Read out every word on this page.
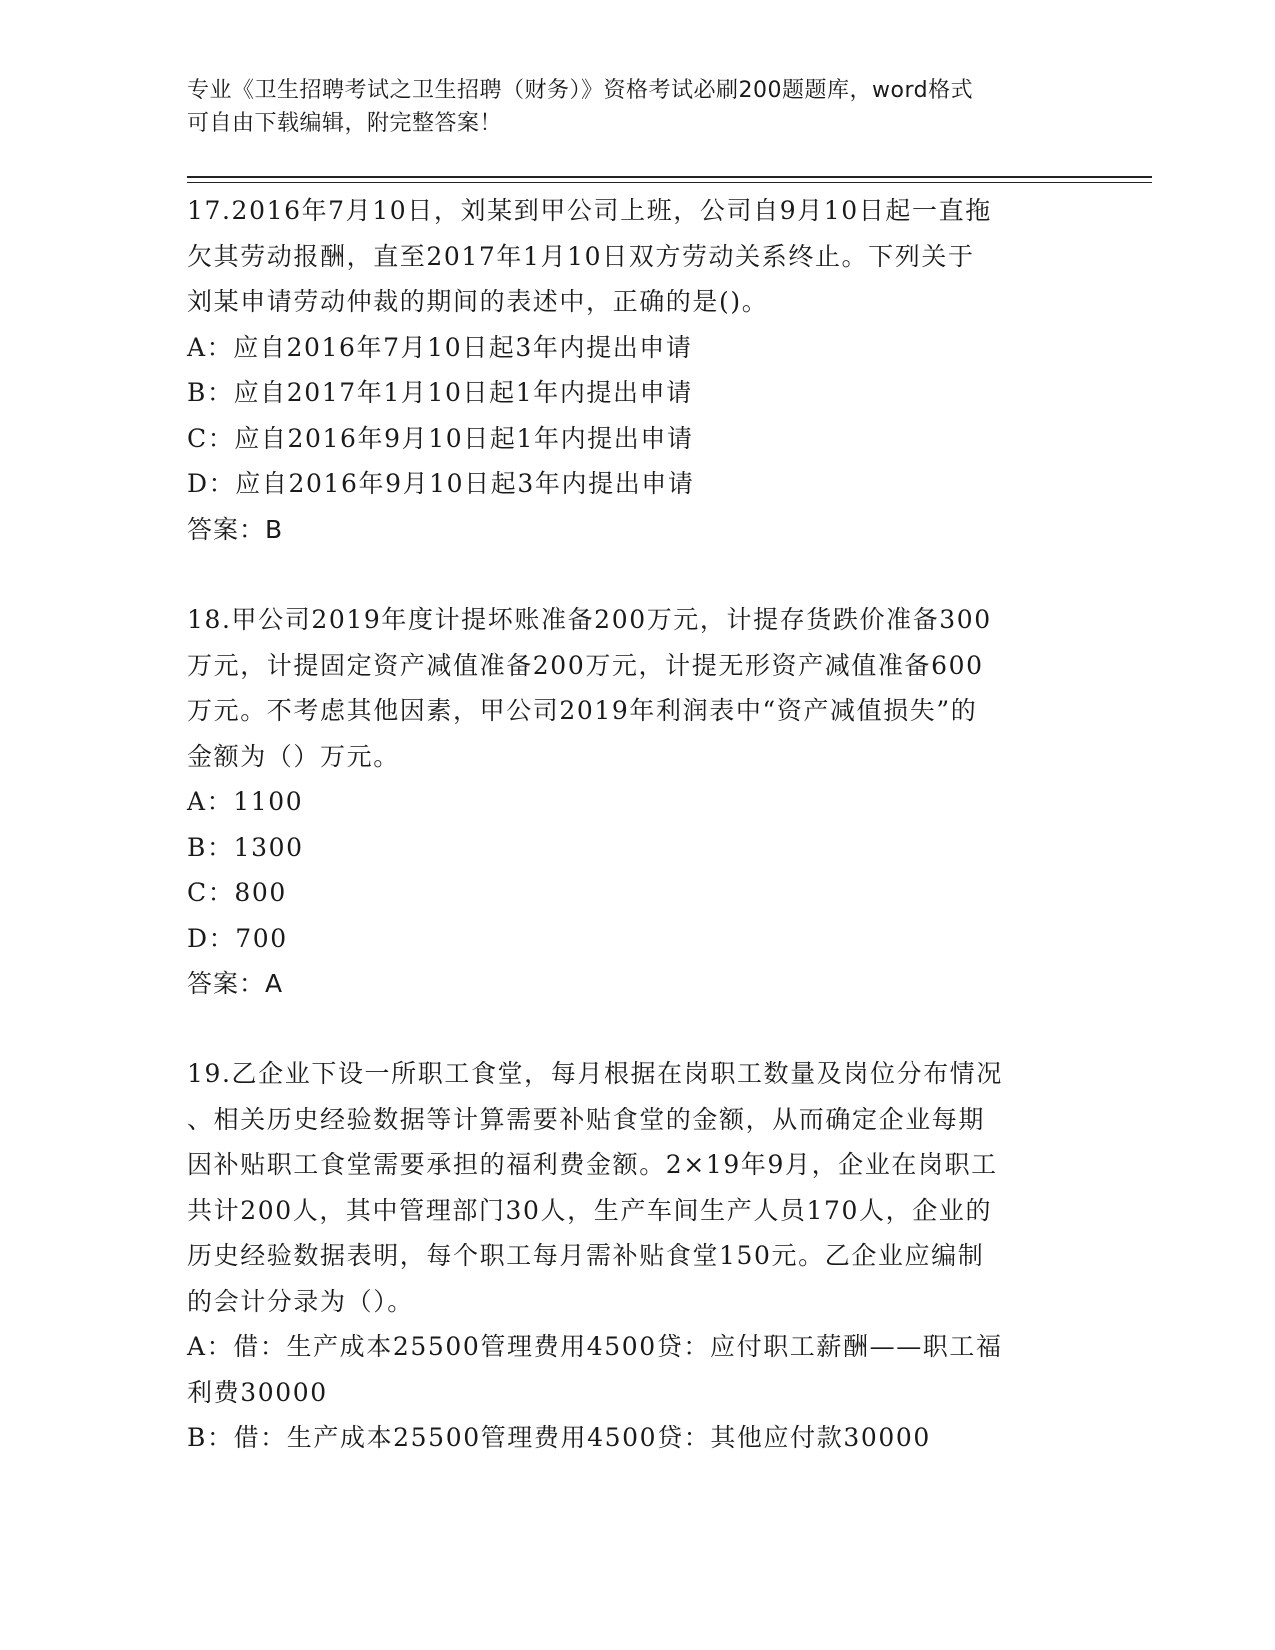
专业《卫生招聘考试之卫生招聘（财务）》资格考试必刷200题题库，word格式
可自由下载编辑，附完整答案！

17.2016年7月10日，刘某到甲公司上班，公司自9月10日起一直拖

欠其劳动报酬，直至2017年1月10日双方劳动关系终止。下列关于

刘某申请劳动仲裁的期间的表述中，正确的是()。

A：应自2016年7月10日起3年内提出申请

B：应自2017年1月10日起1年内提出申请

C：应自2016年9月10日起1年内提出申请

D：应自2016年9月10日起3年内提出申请

答案：B

18.甲公司2019年度计提坏账准备200万元，计提存货跌价准备300

万元，计提固定资产减值准备200万元，计提无形资产减值准备600

万元。不考虑其他因素，甲公司2019年利润表中“资产减值损失”的

金额为（）万元。

A：1100

B：1300

C：800

D：700

答案：A

19.乙企业下设一所职工食堂，每月根据在岗职工数量及岗位分布情况

、相关历史经验数据等计算需要补贴食堂的金额，从而确定企业每期

因补贴职工食堂需要承担的福利费金额。2×19年9月，企业在岗职工

共计200人，其中管理部门30人，生产车间生产人员170人，企业的

历史经验数据表明，每个职工每月需补贴食堂150元。乙企业应编制

的会计分录为（）。

A：借：生产成本25500管理费用4500贷：应付职工薪酬——职工福

利费30000

B：借：生产成本25500管理费用4500贷：其他应付款30000
